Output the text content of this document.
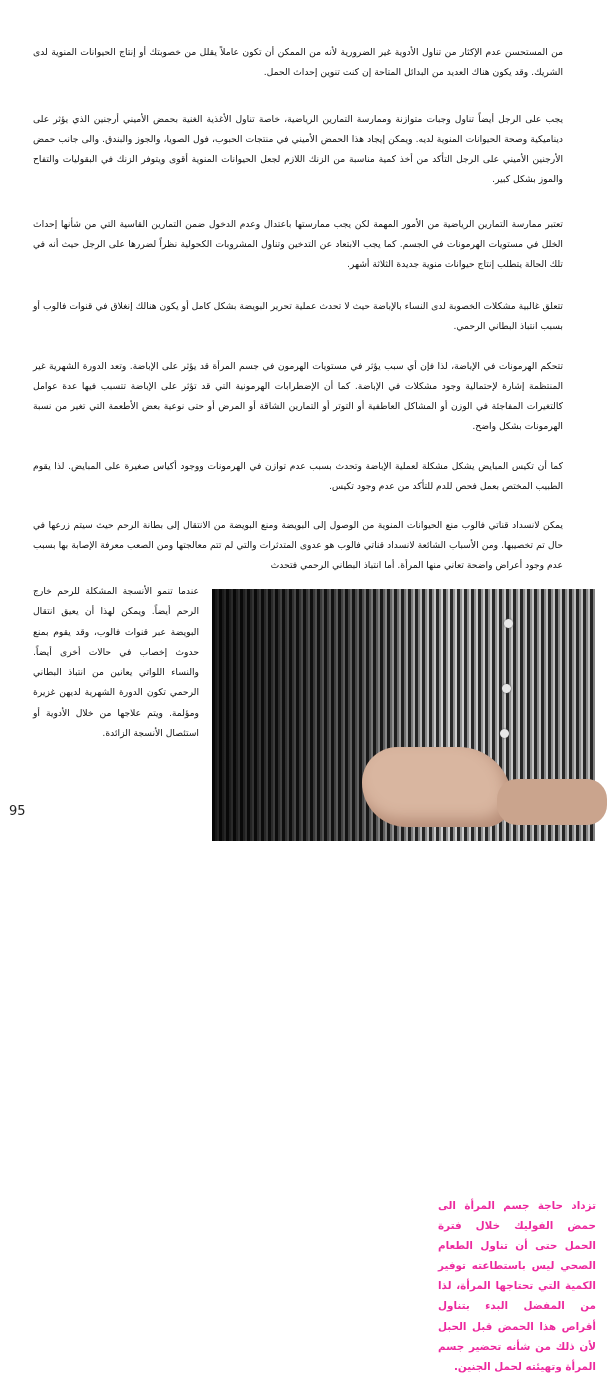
من المستحسن عدم الإكثار من تناول الأدوية غير الضرورية لأنه من الممكن أن تكون عاملاً يقلل من خصوبتك أو إنتاج الحيوانات المنوية لدى الشريك. وقد يكون هناك العديد من البدائل المتاحة إن كنت تنوين إحداث الحمل.

يجب على الرجل أيضاً تناول وجبات متوازنة وممارسة التمارين الرياضية، خاصة تناول الأغذية الغنية بحمض الأميني أرجنين الذي يؤثر على ديناميكية وصحة الحيوانات المنوية لديه. ويمكن إيجاد هذا الحمض الأميني في منتجات الحبوب، فول الصويا، والجوز والبندق. والى جانب حمض الأرجنين الأميني على الرجل التأكد من أخذ كمية مناسبة من الزنك اللازم لجعل الحيوانات المنوية أقوى ويتوفر الزنك في البقوليات والتفاح والموز بشكل كبير.

تعتبر ممارسة التمارين الرياضية من الأمور المهمة لكن يجب ممارستها باعتدال وعدم الدخول ضمن التمارين القاسية التي من شأنها إحداث الخلل في مستويات الهرمونات في الجسم. كما يجب الابتعاد عن التدخين وتناول المشروبات الكحولية نظراً لضررها على الرجل حيث أنه في تلك الحالة يتطلب إنتاج حيوانات منوية جديدة الثلاثة أشهر.

تتعلق غالبية مشكلات الخصوبة لدى النساء بالإباضة حيث لا تحدث عملية تحرير البويضة بشكل كامل أو يكون هنالك إنغلاق في قنوات فالوب أو بسبب انتباذ البطاني الرحمي.

تتحكم الهرمونات في الإباضة، لذا فإن أي سبب يؤثر في مستويات الهرمون في جسم المرأة قد يؤثر على الإباضة. وتعد الدورة الشهرية غير المنتظمة إشارة لإحتمالية وجود مشكلات في الإباضة. كما أن الإضطرابات الهرمونية التي قد تؤثر على الإباضة تتسبب فيها عدة عوامل كالتغيرات المفاجئة في الوزن أو المشاكل العاطفية أو التوتر أو التمارين الشاقة أو المرض أو حتى نوعية بعض الأطعمة التي تغير من نسبة الهرمونات بشكل واضح.

كما أن تكيس المبايض يشكل مشكلة لعملية الإباضة وتحدث بسبب عدم توازن في الهرمونات ووجود أكياس صغيرة على المبايض. لذا يقوم الطبيب المختص بعمل فحص للدم للتأكد من عدم وجود تكيس.

يمكن لانسداد قناتي فالوب منع الحيوانات المنوية من الوصول إلى البويضة ومنع البويضة من الانتقال إلى بطانة الرحم حيث سيتم زرعها في حال تم تخصيبها. ومن الأسباب الشائعة لانسداد قناتي فالوب هو عدوى المتدثرات والتي لم تتم معالجتها ومن الصعب معرفة الإصابة بها بسبب عدم وجود أعراض واضحة تعاني منها المرأة. أما انتباذ البطاني الرحمي فتحدث

عندما تنمو الأنسجة المشكلة للرحم خارج الرحم أيضاً. ويمكن لهذا أن يعيق انتقال البويضة عبر قنوات فالوب، وقد يقوم بمنع حدوث إخصاب في حالات أخرى أيضاً. والنساء اللواتي يعانين من انتباذ البطاني الرحمي تكون الدورة الشهرية لديهن غزيرة ومؤلمة. ويتم علاجها من خلال الأدوية أو استئصال الأنسجة الزائدة.

تزداد حاجة جسم المرأة الى حمض الفوليك خلال فترة الحمل حتى أن تناول الطعام الصحي ليس باستطاعته توفير الكمية التي تحتاجها المرأة، لذا من المفضل البدء بتناول أقراص هذا الحمض قبل الحبل لأن ذلك من شأنه تحضير جسم المرأة وتهيئته لحمل الجنين.

95
